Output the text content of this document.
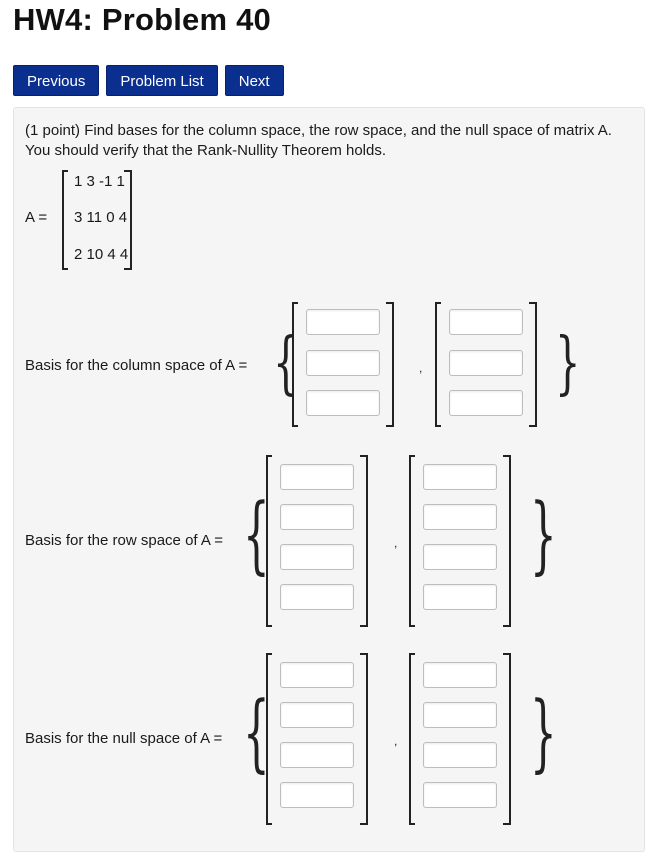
HW4: Problem 40
Previous	Problem List	Next
(1 point) Find bases for the column space, the row space, and the null space of matrix A. You should verify that the Rank-Nullity Theorem holds.
A =
1 3 -1 1
3 11 0 4
2 10 4 4
Basis for the column space of A = {	,	}
Basis for the row space of A = {	,	}
Basis for the null space of A = {	,	}
